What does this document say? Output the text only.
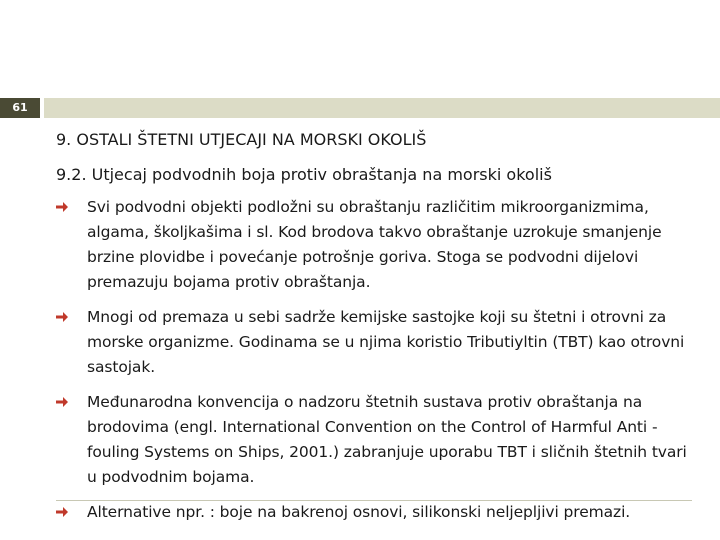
61
9. OSTALI ŠTETNI UTJECAJI NA MORSKI OKOLIŠ
9.2. Utjecaj podvodnih boja protiv obraštanja na morski okoliš
Svi podvodni objekti podložni su obraštanju različitim mikroorganizmima, algama, školjkašima i sl. Kod brodova takvo obraštanje uzrokuje smanjenje brzine plovidbe i povećanje potrošnje goriva. Stoga se podvodni dijelovi premazuju bojama protiv obraštanja.
Mnogi od premaza u sebi sadrže kemijske sastojke koji su štetni i otrovni za morske organizme. Godinama se u njima koristio Tributiyltin (TBT) kao otrovni sastojak.
Međunarodna konvencija o nadzoru štetnih sustava protiv obraštanja na brodovima (engl. International Convention on the Control of Harmful Anti -fouling Systems on Ships, 2001.) zabranjuje uporabu TBT i sličnih štetnih tvari u podvodnim bojama.
Alternative npr. : boje na bakrenoj osnovi, silikonski neljepljivi premazi.
